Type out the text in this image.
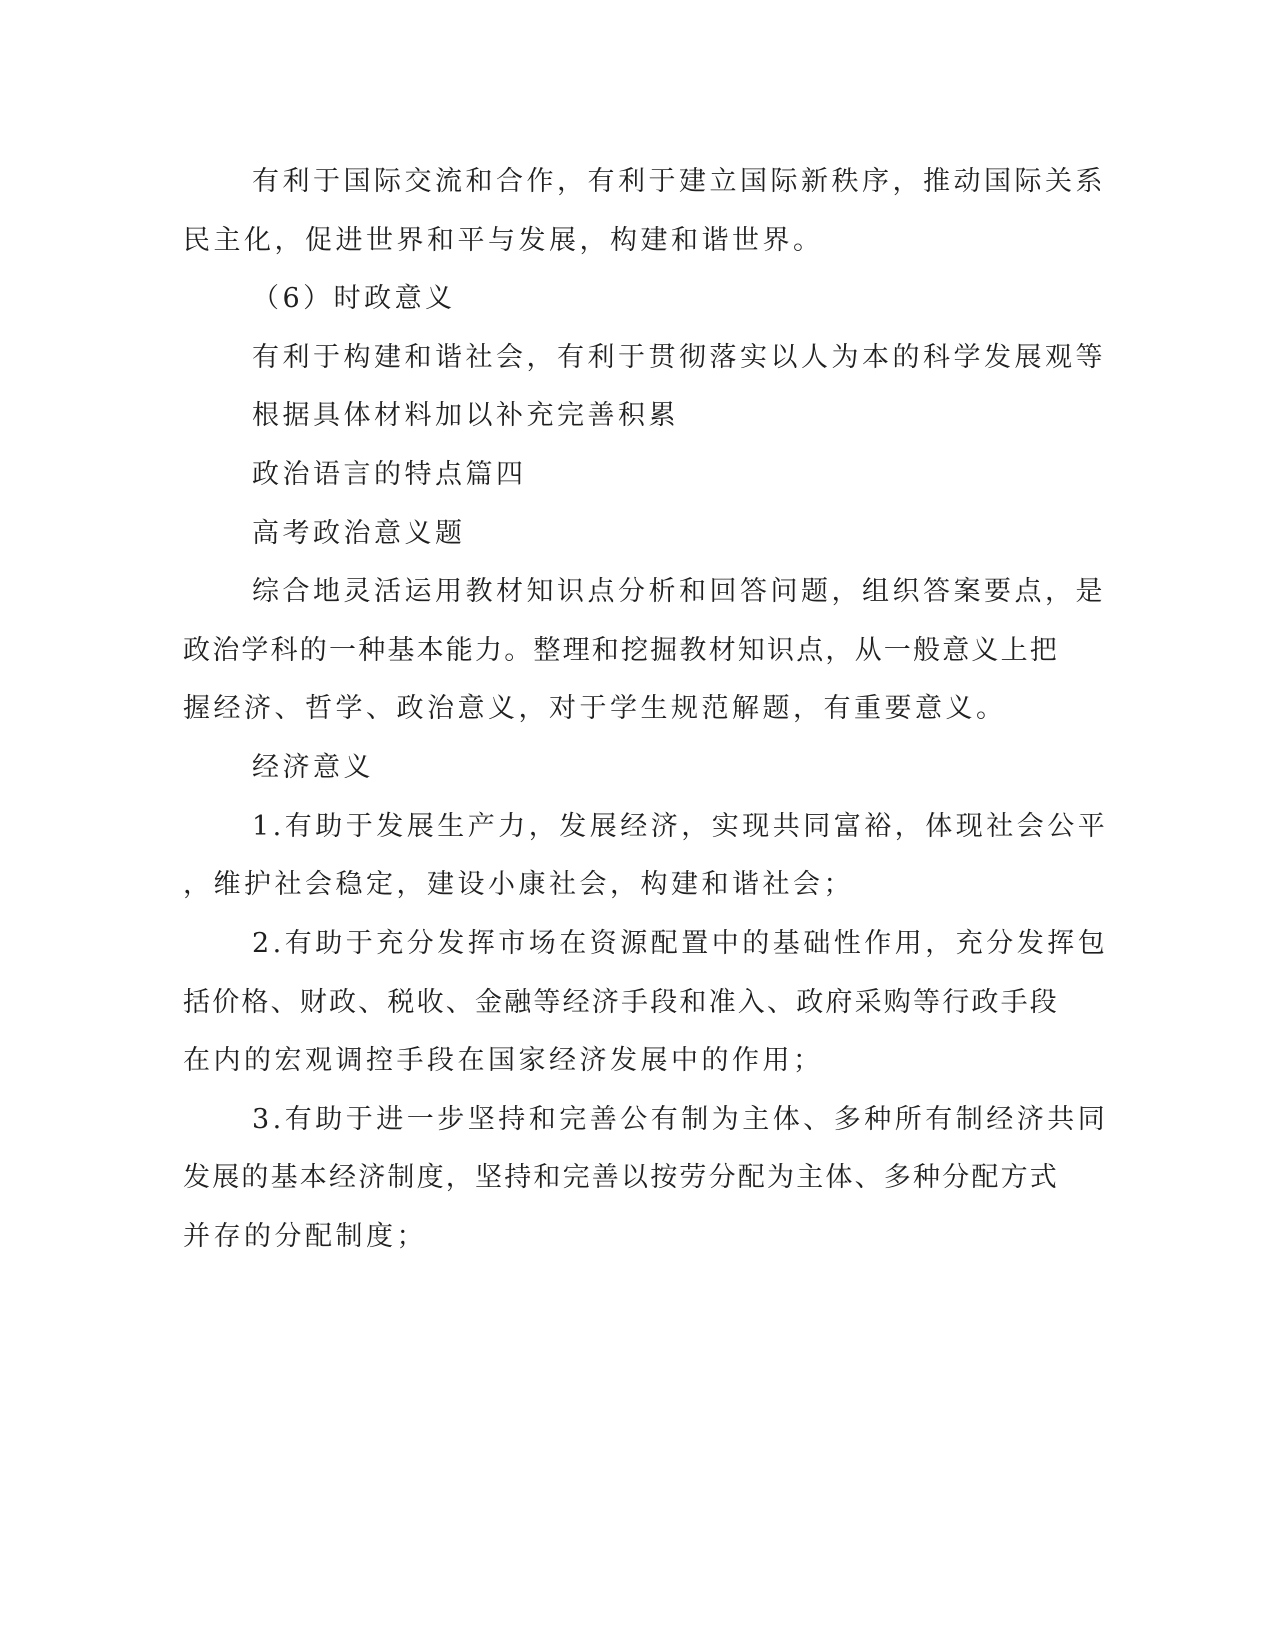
有利于国际交流和合作，有利于建立国际新秩序，推动国际关系
民主化，促进世界和平与发展，构建和谐世界。
（6）时政意义
有利于构建和谐社会，有利于贯彻落实以人为本的科学发展观等
根据具体材料加以补充完善积累
政治语言的特点篇四
高考政治意义题
综合地灵活运用教材知识点分析和回答问题，组织答案要点，是
政治学科的一种基本能力。整理和挖掘教材知识点，从一般意义上把
握经济、哲学、政治意义，对于学生规范解题，有重要意义。
经济意义
1.有助于发展生产力，发展经济，实现共同富裕，体现社会公平
，维护社会稳定，建设小康社会，构建和谐社会；
2.有助于充分发挥市场在资源配置中的基础性作用，充分发挥包
括价格、财政、税收、金融等经济手段和准入、政府采购等行政手段
在内的宏观调控手段在国家经济发展中的作用；
3.有助于进一步坚持和完善公有制为主体、多种所有制经济共同
发展的基本经济制度，坚持和完善以按劳分配为主体、多种分配方式
并存的分配制度；
